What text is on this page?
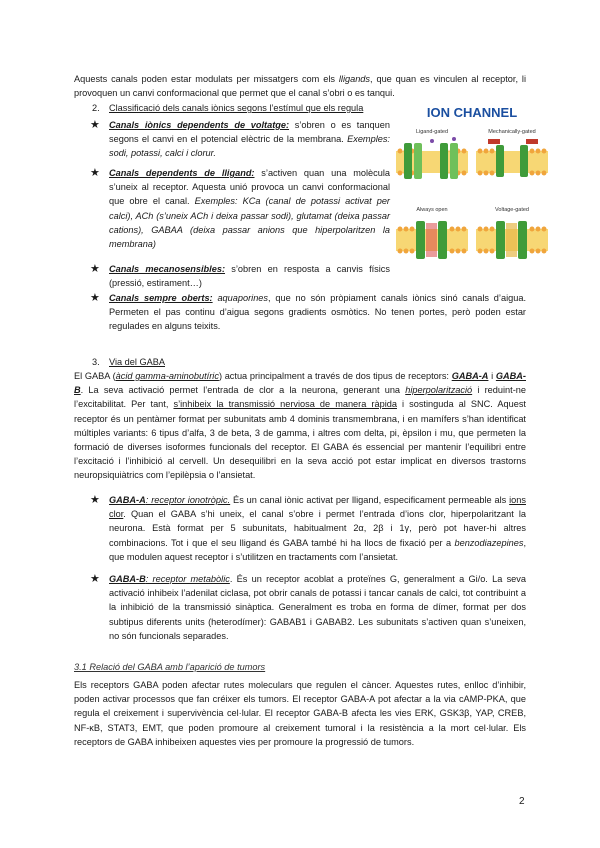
Aquests canals poden estar modulats per missatgers com els lligands, que quan es vinculen al receptor, li provoquen un canvi conformacional que permet que el canal s’obri o es tanqui.

2. Classificació dels canals iònics segons l’estímul que els regula
★ Canals iònics dependents de voltatge: s’obren o es tanquen segons el canvi en el potencial elèctric de la membrana. Exemples: sodi, potassi, calci i clorur.
★ Canals dependents de lligand: s’activen quan una molècula s’uneix al receptor. Aquesta unió provoca un canvi conformacional que obre el canal. Exemples: KCa (canal de potassi activat per calci), ACh (s’uneix ACh i deixa passar sodi), glutamat (deixa passar cations), GABAA (deixa passar anions que hiperpolaritzen la membrana)
★ Canals mecanosensibles: s’obren en resposta a canvis físics (pressió, estirament…)
★ Canals sempre oberts: aquaporines, que no són pròpiament canals iònics sinó canals d’aigua. Permeten el pas continu d’aigua segons gradients osmòtics. No tenen portes, però poden estar regulades en alguns teixits.
ION CHANNEL
Ligand-gated	Mechanically-gated
Always open	Voltage-gated
3. Via del GABA

El GABA (àcid gamma-aminobutíric) actua principalment a través de dos tipus de receptors: GABA-A i GABA-B. La seva activació permet l’entrada de clor a la neurona, generant una hiperpolarització i reduint-ne l’excitabilitat. Per tant, s’inhibeix la transmissió nerviosa de manera ràpida i sostinguda al SNC. Aquest receptor és un pentàmer format per subunitats amb 4 dominis transmembrana, i en mamífers s’han identificat múltiples variants: 6 tipus d’alfa, 3 de beta, 3 de gamma, i altres com delta, pi, èpsilon i mu, que permeten la formació de diverses isoformes funcionals del receptor. El GABA és essencial per mantenir l’equilibri entre l’excitació i l’inhibició al cervell. Un desequilibri en la seva acció pot estar implicat en diversos trastorns neuropsiquiàtrics com l’epilèpsia o l’ansietat.

★ GABA-A: receptor ionotròpic. És un canal iònic activat per lligand, especificament permeable als ions clor. Quan el GABA s’hi uneix, el canal s’obre i permet l’entrada d’ions clor, hiperpolaritzant la neurona. Està format per 5 subunitats, habitualment 2α, 2β i 1γ, però pot haver-hi altres combinacions. Tot i que el seu lligand és GABA també hi ha llocs de fixació per a benzodiazepines, que modulen aquest receptor i s’utilitzen en tractaments com l’ansietat.
★ GABA-B: receptor metabòlic. És un receptor acoblat a proteïnes G, generalment a Gi/o. La seva activació inhibeix l’adenilat ciclasa, pot obrir canals de potassi i tancar canals de calci, tot contribuint a la inhibició de la transmissió sinàptica. Generalment es troba en forma de dímer, format per dos subtipus diferents units (heterodímer): GABAB1 i GABAB2. Les subunitats s’activen quan s’uneixen, no són funcionals separades.
3.1 Relació del GABA amb l’aparició de tumors

Els receptors GABA poden afectar rutes moleculars que regulen el càncer. Aquestes rutes, enlloc d’inhibir, poden activar processos que fan créixer els tumors. El receptor GABA-A pot afectar a la via cAMP-PKA, que regula el creixement i supervivència cel·lular. El receptor GABA-B afecta les vies ERK, GSK3β, YAP, CREB, NF-κB, STAT3, EMT, que poden promoure al creixement tumoral i la resistència a la mort cel·lular. Els receptors de GABA inhibeixen aquestes vies per promoure la progressió de tumors.

2
